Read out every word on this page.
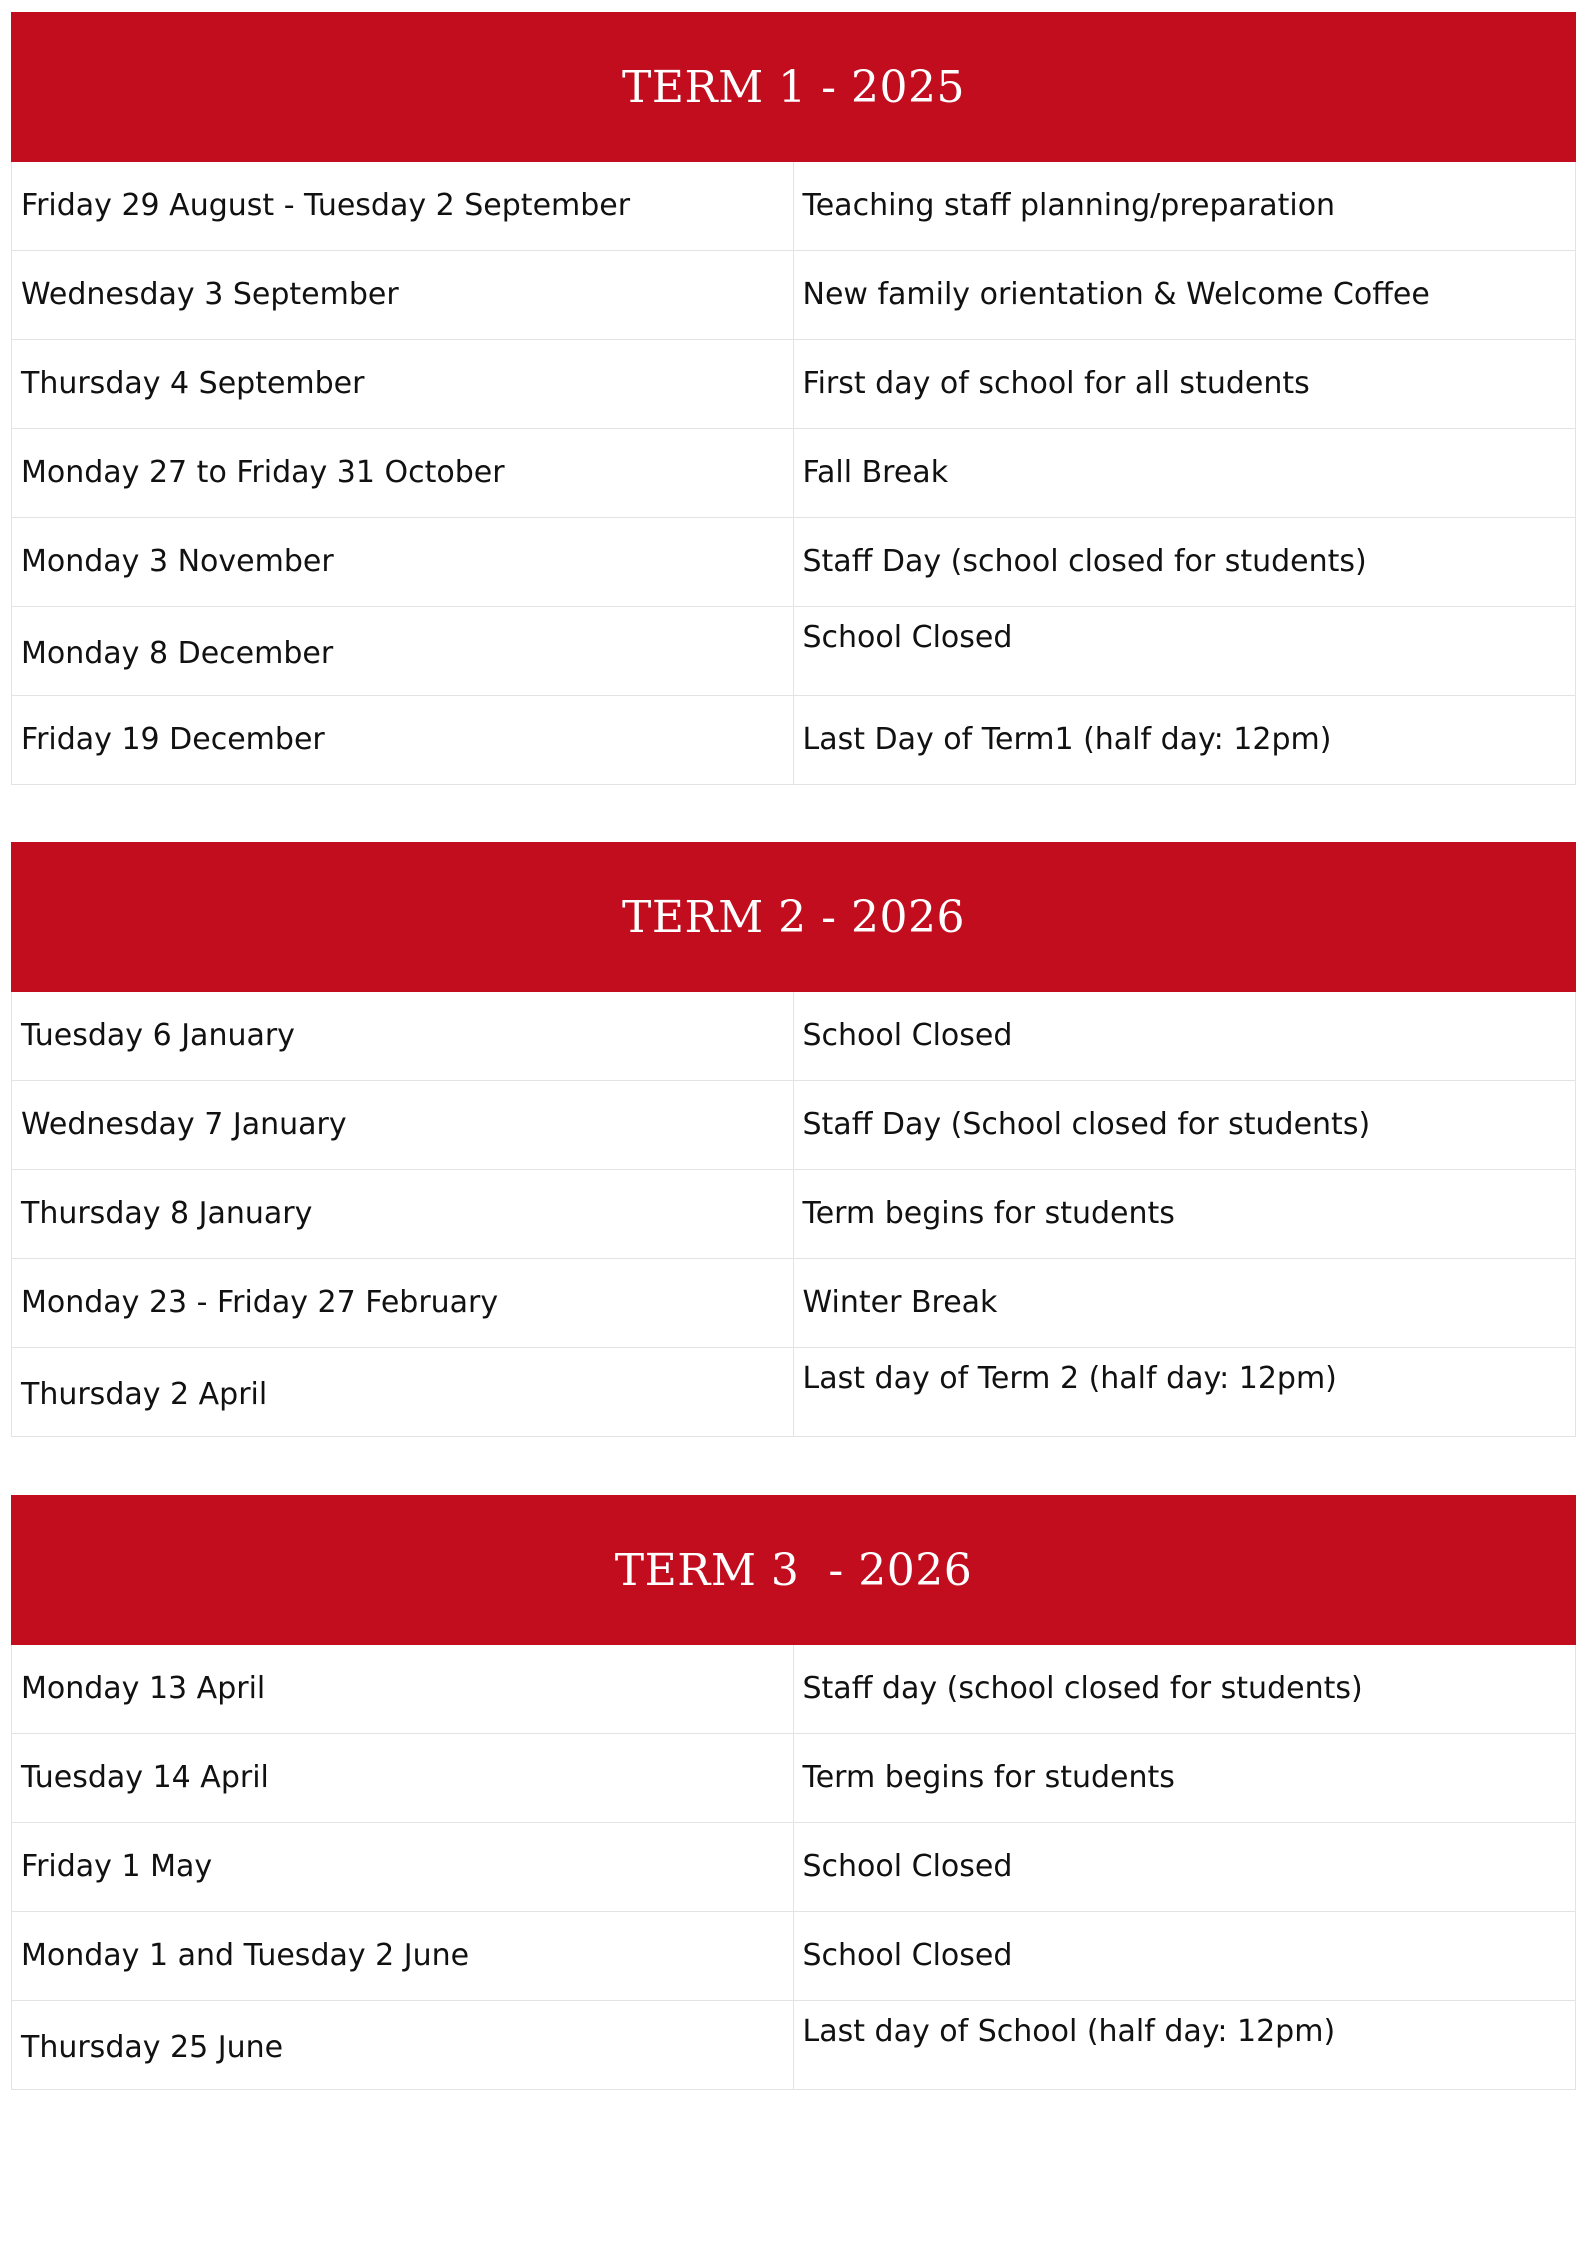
TERM 1 - 2025
Friday 29 August - Tuesday 2 September	Teaching staff planning/preparation
Wednesday 3 September	New family orientation & Welcome Coffee
Thursday 4 September	First day of school for all students
Monday 27 to Friday 31 October	Fall Break
Monday 3 November	Staff Day (school closed for students)
Monday 8 December	School Closed
Friday 19 December	Last Day of Term1 (half day: 12pm)
TERM 2 - 2026
Tuesday 6 January	School Closed
Wednesday 7 January	Staff Day (School closed for students)
Thursday 8 January	Term begins for students
Monday 23 - Friday 27 February	Winter Break
Thursday 2 April	Last day of Term 2 (half day: 12pm)
TERM 3  - 2026
Monday 13 April	Staff day (school closed for students)
Tuesday 14 April	Term begins for students
Friday 1 May	School Closed
Monday 1 and Tuesday 2 June	School Closed
Thursday 25 June	Last day of School (half day: 12pm)
